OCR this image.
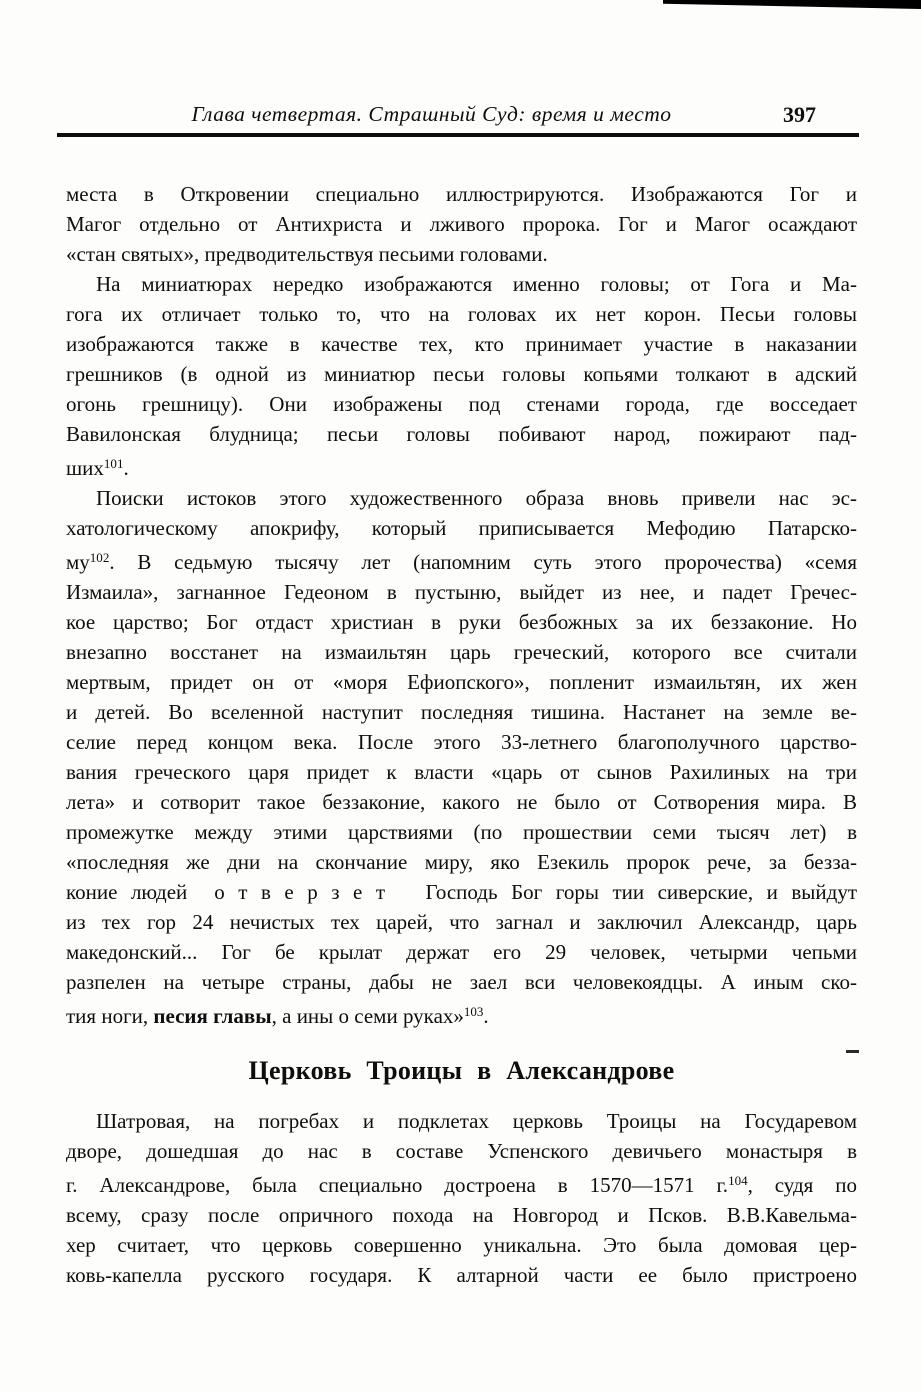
Глава четвертая. Страшный Суд: время и место	397
места в Откровении специально иллюстрируются. Изображаются Гог и
Магог отдельно от Антихриста и лживого пророка. Гог и Магог осаждают
«стан святых», предводительствуя песьими головами.
На миниатюрах нередко изображаются именно головы; от Гога и Ма-
гога их отличает только то, что на головах их нет корон. Песьи головы
изображаются также в качестве тех, кто принимает участие в наказании
грешников (в одной из миниатюр песьи головы копьями толкают в адский
огонь грешницу). Они изображены под стенами города, где восседает
Вавилонская блудница; песьи головы побивают народ, пожирают пад-
ших$^{101}$.
Поиски истоков этого художественного образа вновь привели нас эс-
хатологическому апокрифу, который приписывается Мефодию Патарско-
$му^{102}$. В седьмую тысячу лет (напомним суть этого пророчества) «семя
Измаила», загнанное Гедеоном в пустыню, выйдет из нее, и падет Гречес-
кое царство; Бог отдаст христиан в руки безбожных за их беззаконие. Но
внезапно восстанет на измаильтян царь греческий, которого все считали
мертвым, придет он от «моря Ефиопского», попленит измаильтян, их жен
и детей. Во вселенной наступит последняя тишина. Настанет на земле ве-
селие перед концом века. После этого 33-летнего благополучного царство-
вания греческого царя придет к власти «царь от сынов Рахилиных на три
лета» и сотворит такое беззаконие, какого не было от Сотворения мира. В
промежутке между этими царствиями (по прошествии семи тысяч лет) в
«последняя же дни на скончание миру, яко Езекиль пророк рече, за безза-
коние людей  о т в е р з е т   Господь Бог горы тии сиверские, и выйдут
из тех гор 24 нечистых тех царей, что загнал и заключил Александр, царь
македонский... Гог бе крылат держат его 29 человек, четырми чепьми
разпелен на четыре страны, дабы не заел вси человекоядцы. А иным ско-
тия ноги, песия главы, а ины о семи руках»$^{103}$.
Церковь Троицы в Александрове
Шатровая, на погребах и подклетах церковь Троицы на Государевом
дворе, дошедшая до нас в составе Успенского девичьего монастыря в
г. Александрове, была специально достроена в 1570—1571 г.$^{104}$, судя по
всему, сразу после опричного похода на Новгород и Псков. В.В.Кавельма-
хер считает, что церковь совершенно уникальна. Это была домовая цер-
ковь-капелла русского государя. К алтарной части ее было пристроено
